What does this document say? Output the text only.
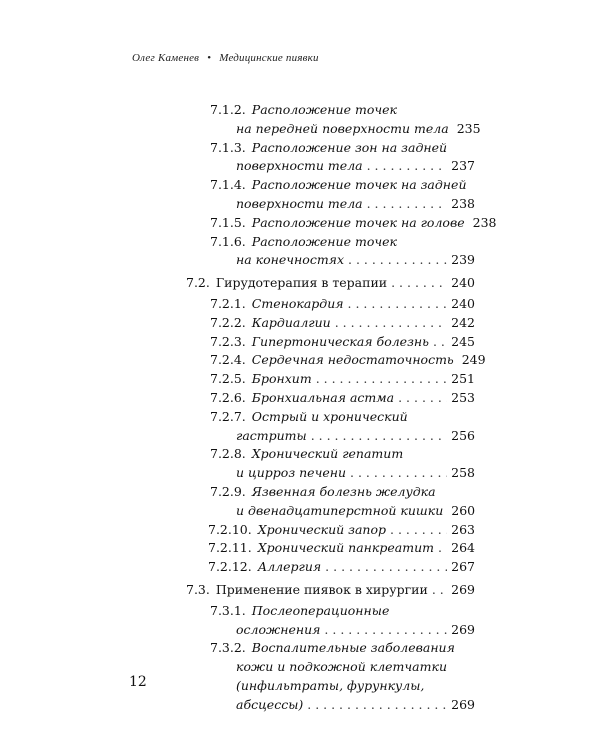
Олег Каменев • Медицинские пиявки
7.1.2. Расположение точек
на передней поверхности тела 235
7.1.3. Расположение зон на задней
поверхности тела . . .	237
7.1.4. Расположение точек на задней
поверхности тела . . .	238
7.1.5. Расположение точек на голове 238
7.1.6. Расположение точек
на конечностях . . .	239
7.2. Гирудотерапия в терапии . . .	240
7.2.1. Стенокардия . . .	240
7.2.2. Кардиалгии . . .	242
7.2.3. Гипертоническая болезнь . . . 245
7.2.4. Сердечная недостаточность 249
7.2.5. Бронхит . . .	251
7.2.6. Бронхиальная астма . . .	253
7.2.7. Острый и хронический
гастриты . . .	256
7.2.8. Хронический гепатит
и цирроз печени . . .	258
7.2.9. Язвенная болезнь желудка
и двенадцатиперстной кишки 260
7.2.10. Хронический запор . . .	263
7.2.11. Хронический панкреатит . . . 264
7.2.12. Аллергия . . .	267
7.3. Применение пиявок в хирургии . . . 269
7.3.1. Послеоперационные
осложнения . . .	269
7.3.2. Воспалительные заболевания
кожи и подкожной клетчатки
(инфильтраты, фурункулы,
абсцессы) . . .	269
12
